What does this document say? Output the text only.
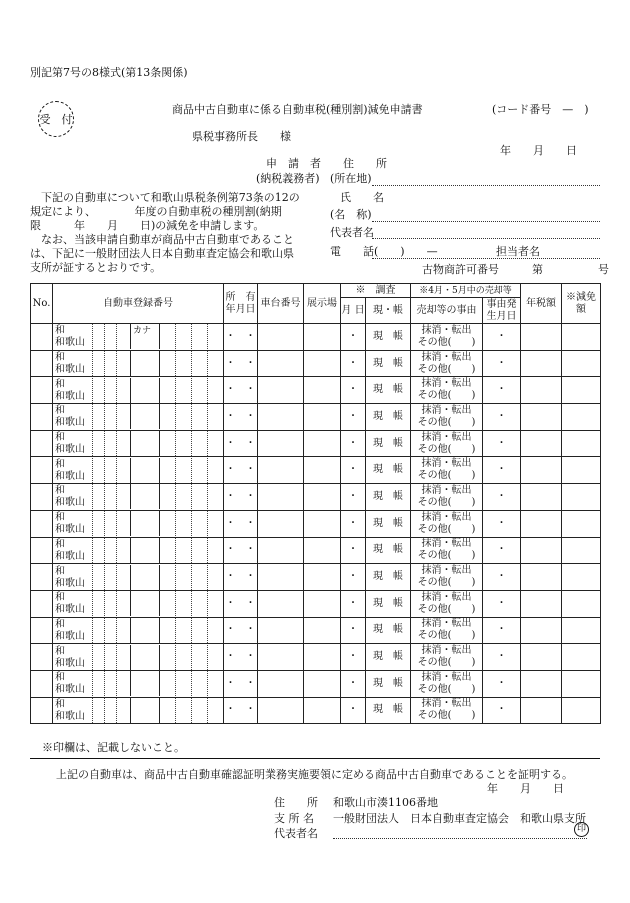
別記第7号の8様式(第13条関係)
受　付
商品中古自動車に係る自動車税(種別割)減免申請書	(コード番号　—　)
県税事務所長　　様
年　　月　　日
申　請　者 住　　所
(納税義務者) (所在地)
氏　　名
(名　称)
代表者名
電　　話(　　)　　—	担当者名
古物商許可番号	第　　　　　号
　下記の自動車について和歌山県税条例第73条の12の
規定により、　　　　年度の自動車税の種別割(納期
限　　　年　　月　　日)の減免を申請します。
　なお、当該申請自動車が商品中古自動車であること
は、下記に一般財団法人日本自動車査定協会和歌山県
支所が証するとおりです。
No.	自動車登録番号	所　有年月日	車台番号	展示場	※　調査		※4月・5月中の売却等		年税額	※減免額
					月 日	現・帳	売却等の事由	事由発生月日		

	和
和歌山
カナ	・　・			・	現　 帳	抹消・転出
その他(　　)	・		

	和
和歌山	・　・			・	現　 帳	抹消・転出
その他(　　)	・		

	和
和歌山	・　・			・	現　 帳	抹消・転出
その他(　　)	・		

	和
和歌山	・　・			・	現　 帳	抹消・転出
その他(　　)	・		

	和
和歌山	・　・			・	現　 帳	抹消・転出
その他(　　)	・		

	和
和歌山	・　・			・	現　 帳	抹消・転出
その他(　　)	・		

	和
和歌山	・　・			・	現　 帳	抹消・転出
その他(　　)	・		

	和
和歌山	・　・			・	現　 帳	抹消・転出
その他(　　)	・		

	和
和歌山	・　・			・	現　 帳	抹消・転出
その他(　　)	・		

	和
和歌山	・　・			・	現　 帳	抹消・転出
その他(　　)	・		

	和
和歌山	・　・			・	現　 帳	抹消・転出
その他(　　)	・		

	和
和歌山	・　・			・	現　 帳	抹消・転出
その他(　　)	・		

	和
和歌山	・　・			・	現　 帳	抹消・転出
その他(　　)	・		

	和
和歌山	・　・			・	現　 帳	抹消・転出
その他(　　)	・		

	和
和歌山	・　・			・	現　 帳	抹消・転出
その他(　　)	・		
※印欄は、記載しないこと。
上記の自動車は、商品中古自動車確認証明業務実施要領に定める商品中古自動車であることを証明する。
年　　月　　日
住　　所 和歌山市湊1106番地
支 所 名 一般財団法人　日本自動車査定協会　和歌山県支所
代表者名	印
